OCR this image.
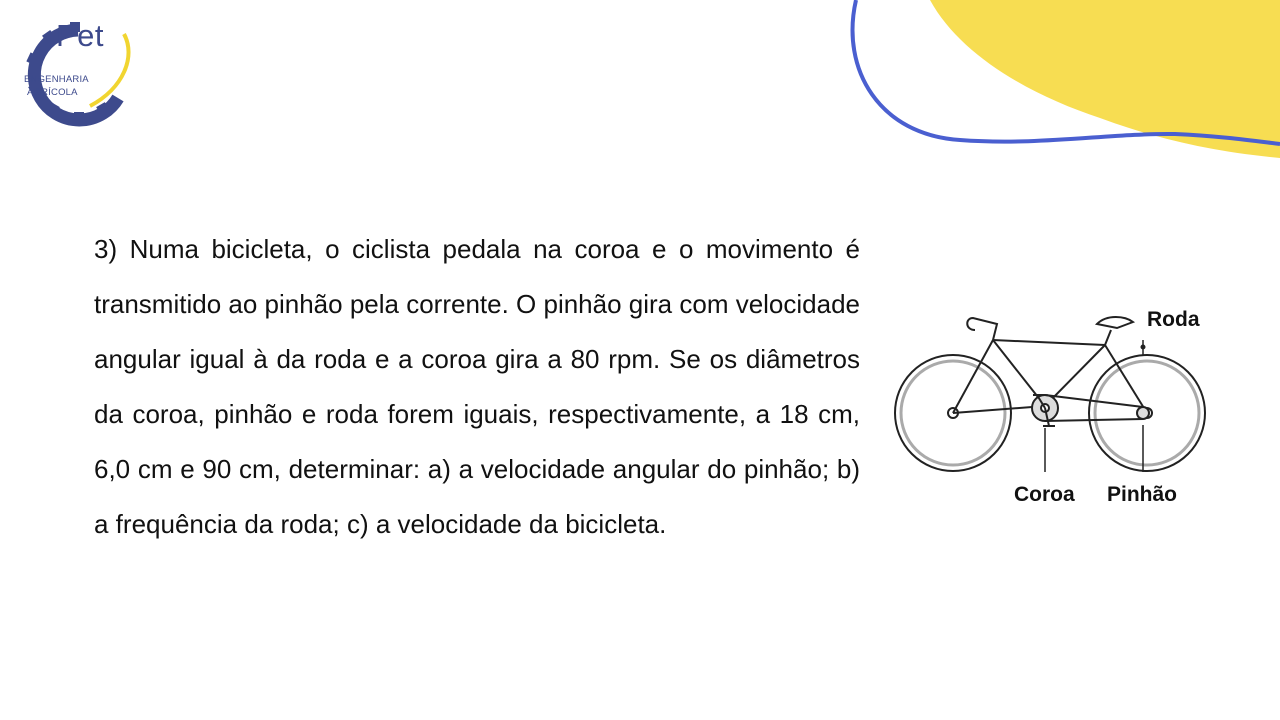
Pet
ENGENHARIA
AGRÍCOLA

3) Numa bicicleta, o ciclista pedala na coroa e o movimento é transmitido ao pinhão pela corrente. O pinhão gira com velocidade angular igual à da roda e a coroa gira a 80 rpm. Se os diâmetros da coroa, pinhão e roda forem iguais, respectivamente, a 18 cm, 6,0 cm e 90 cm, determinar: a) a velocidade angular do pinhão; b) a frequência da roda; c) a velocidade da bicicleta.

Roda
Coroa Pinhão
